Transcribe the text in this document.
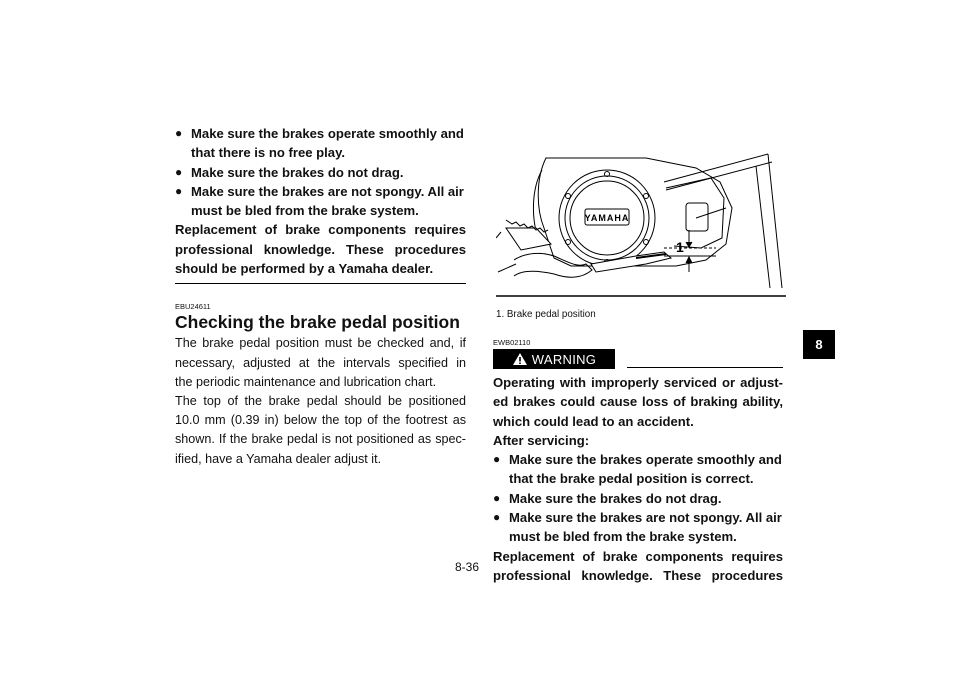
● Make sure the brakes operate smoothly and
that there is no free play.
● Make sure the brakes do not drag.
● Make sure the brakes are not spongy. All air
must be bled from the brake system.
Replacement of brake components requires
professional knowledge. These procedures
should be performed by a Yamaha dealer.
EBU24611
Checking the brake pedal position
The brake pedal position must be checked and, if
necessary, adjusted at the intervals specified in
the periodic maintenance and lubrication chart.
The top of the brake pedal should be positioned
10.0 mm (0.39 in) below the top of the footrest as
shown. If the brake pedal is not positioned as spec-
ified, have a Yamaha dealer adjust it.
YAMAHA
1
1. Brake pedal position
EWB02110
WARNING
Operating with improperly serviced or adjust-
ed brakes could cause loss of braking ability,
which could lead to an accident.
After servicing:
● Make sure the brakes operate smoothly and
that the brake pedal position is correct.
● Make sure the brakes do not drag.
● Make sure the brakes are not spongy. All air
must be bled from the brake system.
Replacement of brake components requires
professional knowledge. These procedures
8
8-36
